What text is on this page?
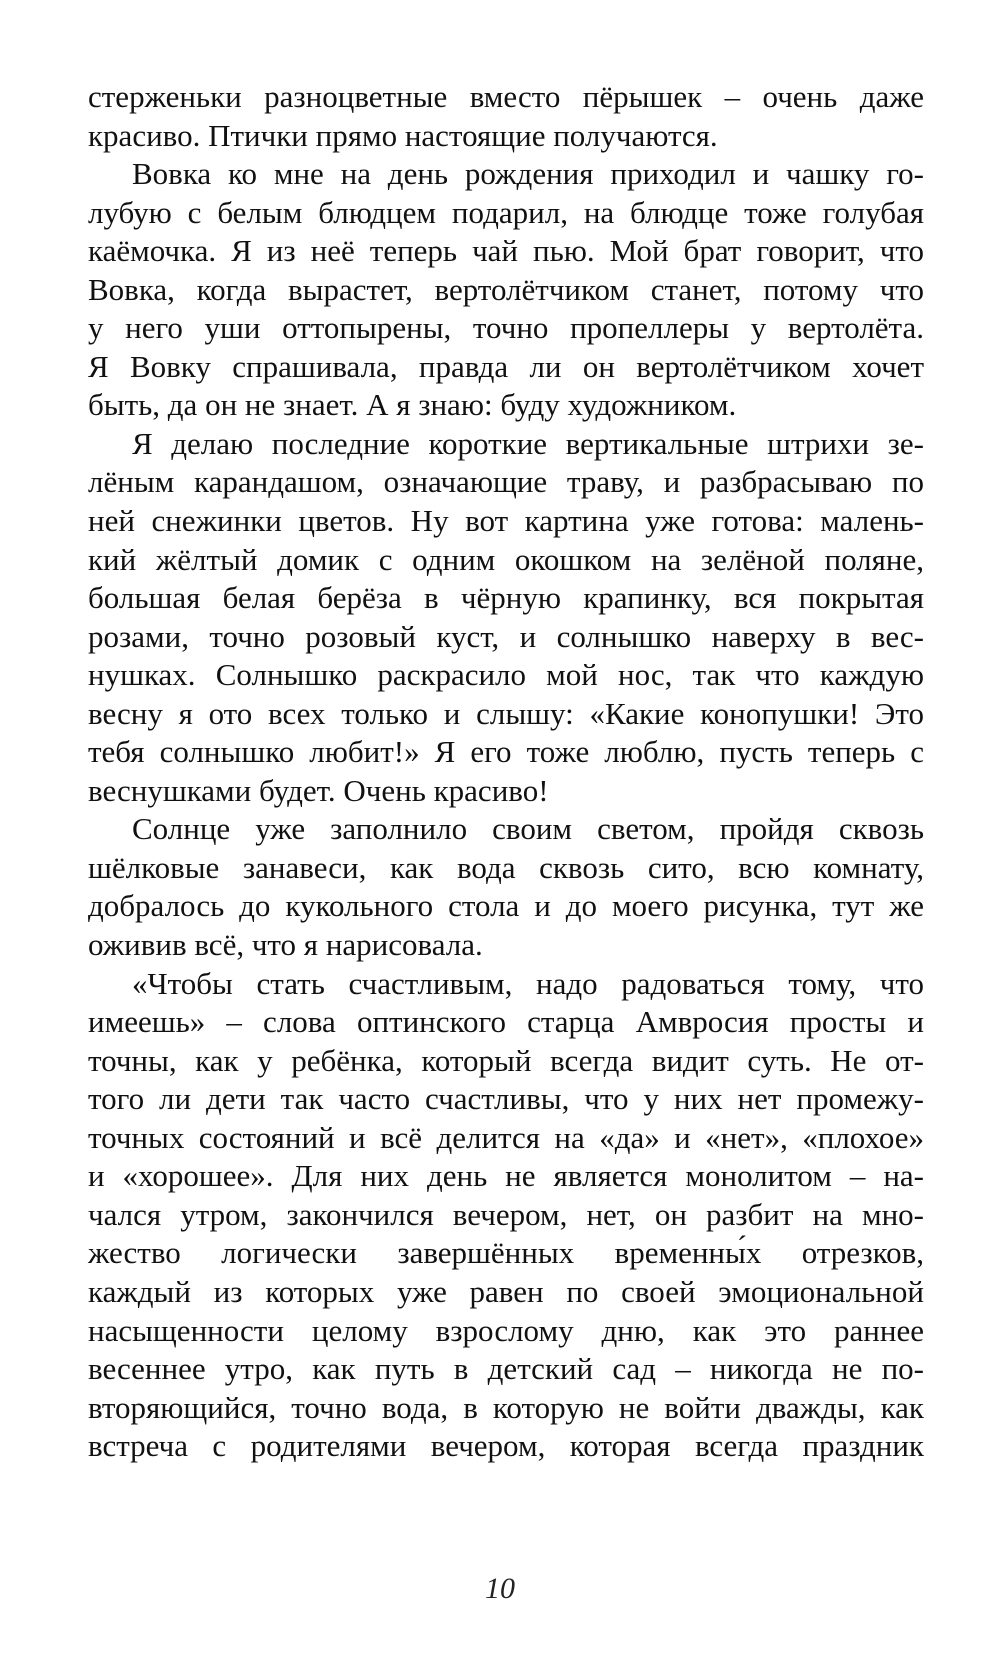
стерженьки разноцветные вместо пёрышек – очень даже
красиво. Птички прямо настоящие получаются.
Вовка ко мне на день рождения приходил и чашку го-
лубую с белым блюдцем подарил, на блюдце тоже голубая
каёмочка. Я из неё теперь чай пью. Мой брат говорит, что
Вовка, когда вырастет, вертолётчиком станет, потому что
у него уши оттопырены, точно пропеллеры у вертолёта.
Я Вовку спрашивала, правда ли он вертолётчиком хочет
быть, да он не знает. А я знаю: буду художником.
Я делаю последние короткие вертикальные штрихи зе-
лёным карандашом, означающие траву, и разбрасываю по
ней снежинки цветов. Ну вот картина уже готова: малень-
кий жёлтый домик с одним окошком на зелёной поляне,
большая белая берёза в чёрную крапинку, вся покрытая
розами, точно розовый куст, и солнышко наверху в вес-
нушках. Солнышко раскрасило мой нос, так что каждую
весну я ото всех только и слышу: «Какие конопушки! Это
тебя солнышко любит!» Я его тоже люблю, пусть теперь с
веснушками будет. Очень красиво!
Солнце уже заполнило своим светом, пройдя сквозь
шёлковые занавеси, как вода сквозь сито, всю комнату,
добралось до кукольного стола и до моего рисунка, тут же
оживив всё, что я нарисовала.
«Чтобы стать счастливым, надо радоваться тому, что
имеешь» – слова оптинского старца Амвросия просты и
точны, как у ребёнка, который всегда видит суть. Не от-
того ли дети так часто счастливы, что у них нет промежу-
точных состояний и всё делится на «да» и «нет», «плохое»
и «хорошее». Для них день не является монолитом – на-
чался утром, закончился вечером, нет, он разбит на мно-
жество логически завершённых временны́х отрезков,
каждый из которых уже равен по своей эмоциональной
насыщенности целому взрослому дню, как это раннее
весеннее утро, как путь в детский сад – никогда не по-
вторяющийся, точно вода, в которую не войти дважды, как
встреча с родителями вечером, которая всегда праздник
10
